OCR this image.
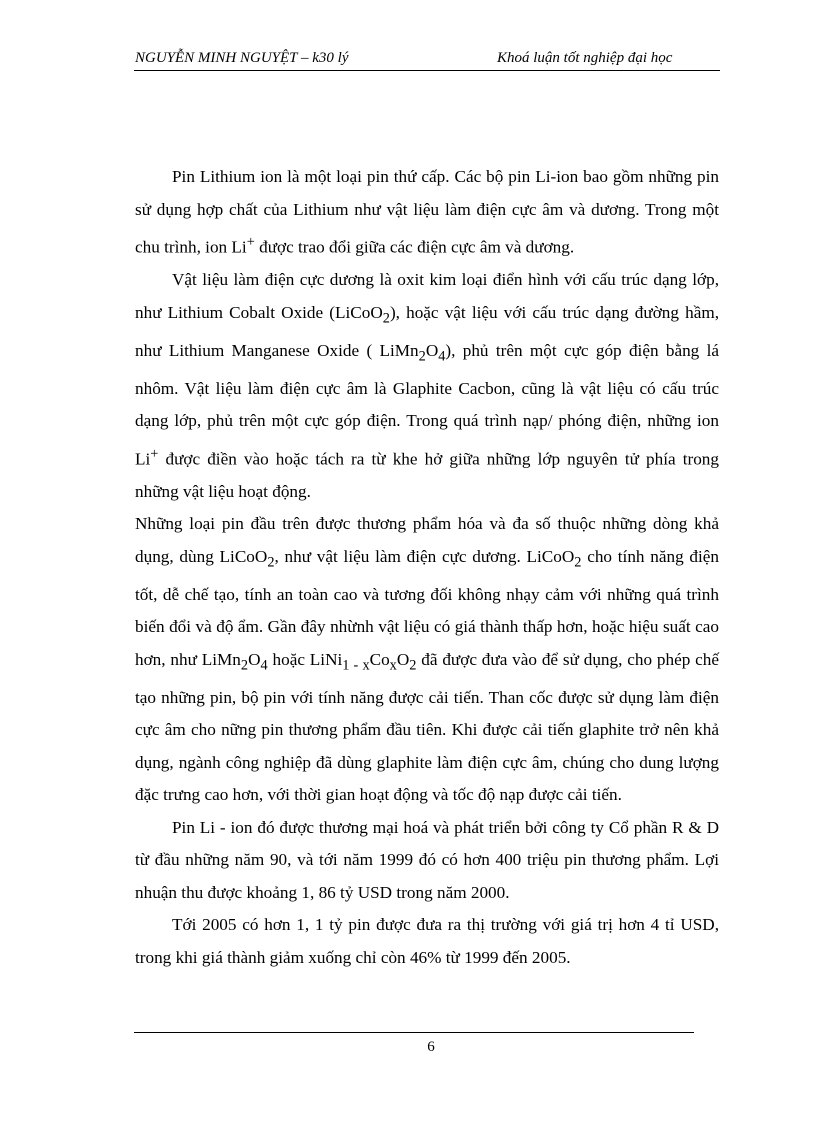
NGUYỄN MINH NGUYỆT – k30 lý	Khoá luận tốt nghiệp đại học

Pin Lithium ion là một loại pin thứ cấp. Các bộ pin Li-ion bao gồm những pin sử dụng hợp chất của Lithium như vật liệu làm điện cực âm và dương. Trong một chu trình, ion Li+ được trao đổi giữa các điện cực âm và dương.

Vật liệu làm điện cực dương là oxit kim loại điển hình với cấu trúc dạng lớp, như Lithium Cobalt Oxide (LiCoO$_2$), hoặc vật liệu với cấu trúc dạng đường hầm, như Lithium Manganese Oxide ( $LiMn_2O_4$), phủ trên một cực góp điện bằng lá nhôm. Vật liệu làm điện cực âm là Glaphite Cacbon, cũng là vật liệu có cấu trúc dạng lớp, phủ trên một cực góp điện. Trong quá trình nạp/ phóng điện, những ion Li+ được điền vào hoặc tách ra từ khe hở giữa những lớp nguyên tử phía trong những vật liệu hoạt động.

Những loại pin đầu trên được thương phẩm hóa và đa số thuộc những dòng khả dụng, dùng LiCoO$_2$, như vật liệu làm điện cực dương. LiCoO$_2$ cho tính năng điện tốt, dễ chế tạo, tính an toàn cao và tương đối không nhạy cảm với những quá trình biến đổi và độ ẩm. Gần đây nhừnh vật liệu có giá thành thấp hơn, hoặc hiệu suất cao hơn, như $LiMn_2O_4$ hoặc $LiNi_{1 - x}Co_xO_2$ đã được đưa vào để sử dụng, cho phép chế tạo những pin, bộ pin với tính năng được cải tiến. Than cốc được sử dụng làm điện cực âm cho nững pin thương phẩm đầu tiên. Khi được cải tiến glaphite trở nên khả dụng, ngành công nghiệp đã dùng glaphite làm điện cực âm, chúng cho dung lượng đặc trưng cao hơn, với thời gian hoạt động và tốc độ nạp được cải tiến.

Pin Li - ion đó được thương mại hoá và phát triển bởi công ty Cổ phần R & D từ đầu những năm 90, và tới năm 1999 đó có hơn 400 triệu pin thương phẩm. Lợi nhuận thu được khoảng 1, 86 tỷ USD trong năm 2000.

Tới 2005 có hơn 1, 1 tỷ pin được đưa ra thị trường với giá trị hơn 4 tỉ USD, trong khi giá thành giảm xuống chỉ còn 46% từ 1999 đến 2005.

6
